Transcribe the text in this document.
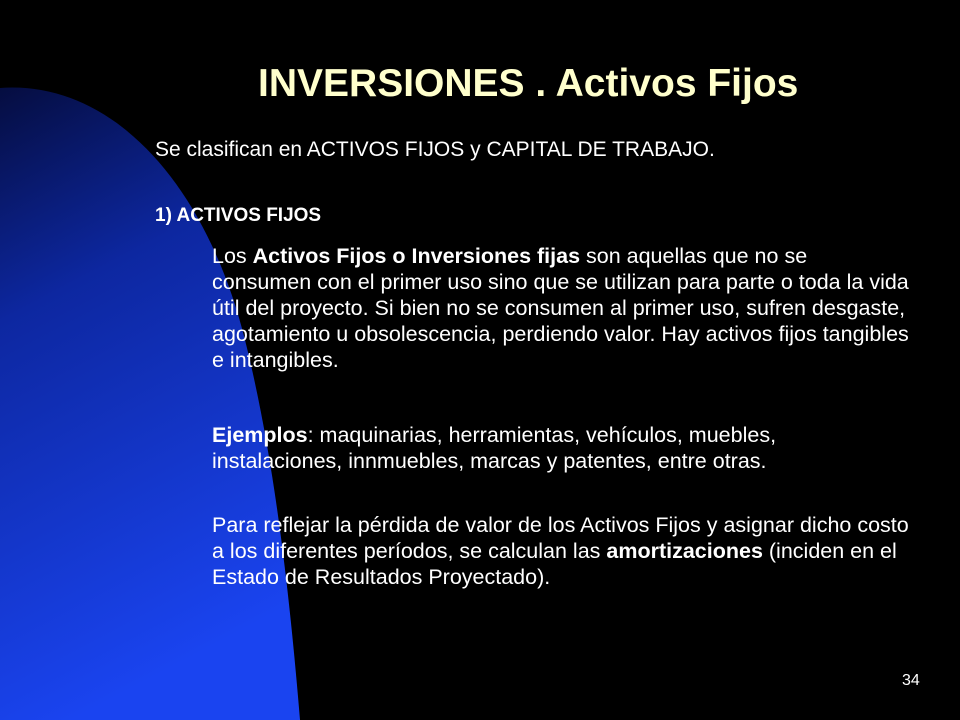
INVERSIONES . Activos Fijos
Se clasifican en ACTIVOS FIJOS y CAPITAL DE TRABAJO.
1) ACTIVOS FIJOS
Los Activos Fijos o Inversiones fijas son aquellas que no se consumen con el primer uso sino que se utilizan para parte o toda la vida útil del proyecto. Si bien no se consumen al primer uso, sufren desgaste, agotamiento u obsolescencia, perdiendo valor. Hay activos fijos tangibles e intangibles.
Ejemplos: maquinarias, herramientas, vehículos, muebles, instalaciones, innmuebles, marcas y patentes, entre otras.
Para reflejar la pérdida de valor de los Activos Fijos y asignar dicho costo a los diferentes períodos, se calculan las amortizaciones (inciden en el Estado de Resultados Proyectado).
34
